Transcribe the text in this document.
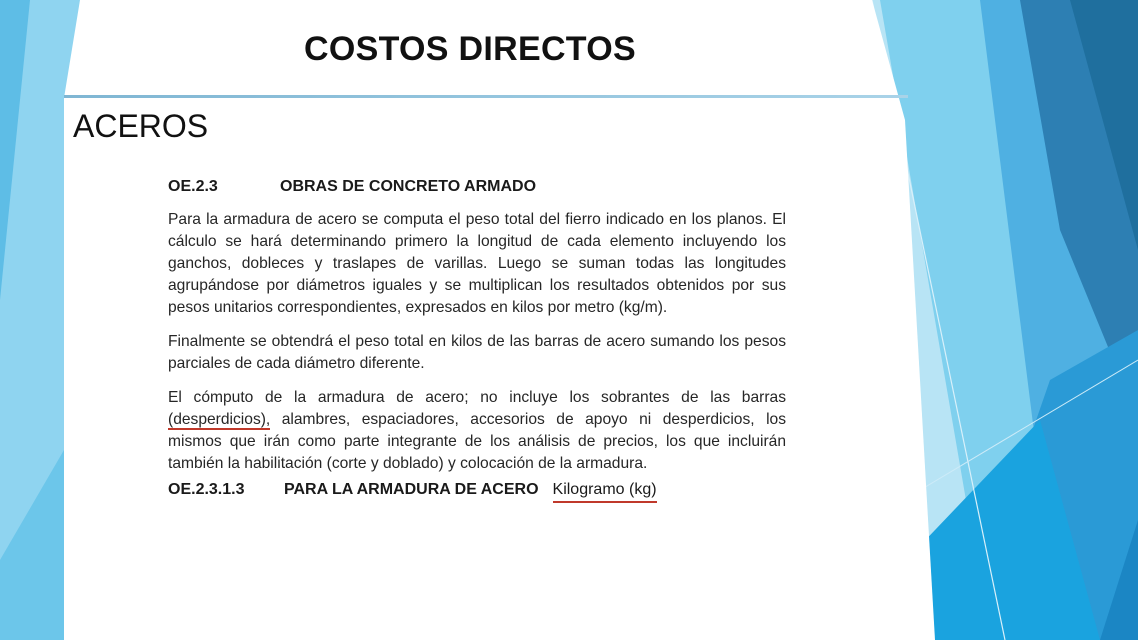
COSTOS DIRECTOS
ACEROS
OE.2.3	OBRAS DE CONCRETO ARMADO

Para la armadura de acero se computa el peso total del fierro indicado en los planos. El cálculo se hará determinando primero la longitud de cada elemento incluyendo los ganchos, dobleces y traslapes de varillas. Luego se suman todas las longitudes agrupándose por diámetros iguales y se multiplican los resultados obtenidos por sus pesos unitarios correspondientes, expresados en kilos por metro (kg/m).

Finalmente se obtendrá el peso total en kilos de las barras de acero sumando los pesos parciales de cada diámetro diferente.

El cómputo de la armadura de acero; no incluye los sobrantes de las barras (desperdicios), alambres, espaciadores, accesorios de apoyo ni desperdicios, los mismos que irán como parte integrante de los análisis de precios, los que incluirán también la habilitación (corte y doblado) y colocación de la armadura.

OE.2.3.1.3	PARA LA ARMADURA DE ACERO Kilogramo (kg)
